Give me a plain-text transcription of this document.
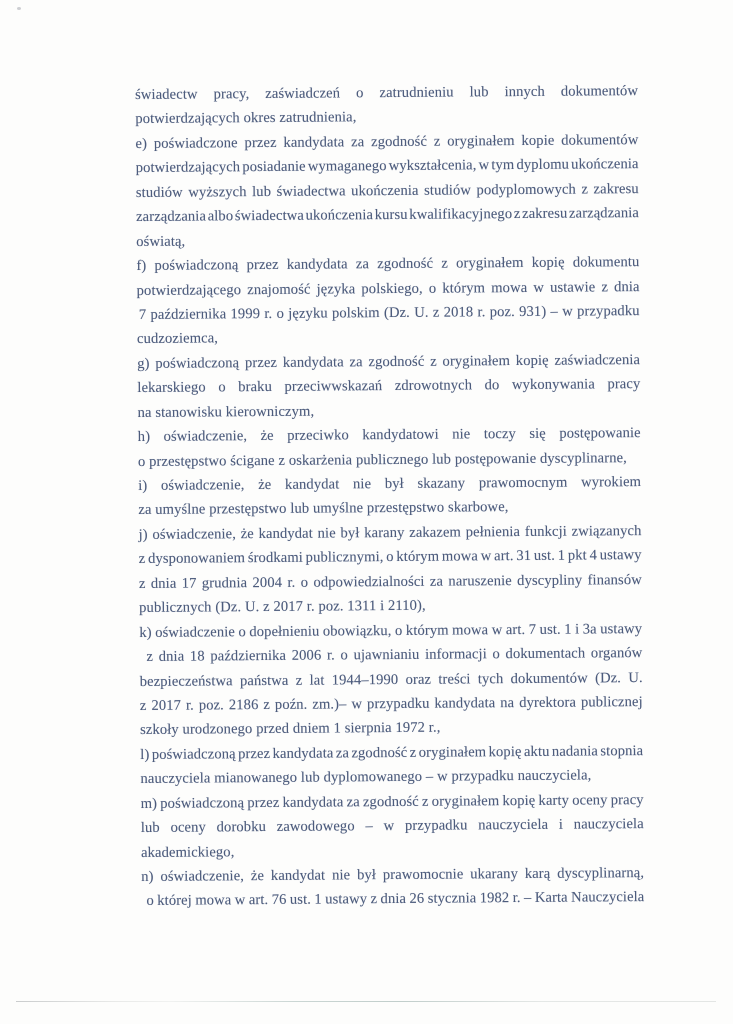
świadectw pracy, zaświadczeń o zatrudnieniu lub innych dokumentów
potwierdzających okres zatrudnienia,
e) poświadczone przez kandydata za zgodność z oryginałem kopie dokumentów
potwierdzających posiadanie wymaganego wykształcenia, w tym dyplomu ukończenia
studiów wyższych lub świadectwa ukończenia studiów podyplomowych z zakresu
zarządzania albo świadectwa ukończenia kursu kwalifikacyjnego z zakresu zarządzania
oświatą,
f) poświadczoną przez kandydata za zgodność z oryginałem kopię dokumentu
potwierdzającego znajomość języka polskiego, o którym mowa w ustawie z dnia
7 października 1999 r. o języku polskim (Dz. U. z 2018 r. poz. 931) – w przypadku
cudzoziemca,
g) poświadczoną przez kandydata za zgodność z oryginałem kopię zaświadczenia
lekarskiego o braku przeciwwskazań zdrowotnych do wykonywania pracy
na stanowisku kierowniczym,
h) oświadczenie, że przeciwko kandydatowi nie toczy się postępowanie
o przestępstwo ścigane z oskarżenia publicznego lub postępowanie dyscyplinarne,
i) oświadczenie, że kandydat nie był skazany prawomocnym wyrokiem
za umyślne przestępstwo lub umyślne przestępstwo skarbowe,
j) oświadczenie, że kandydat nie był karany zakazem pełnienia funkcji związanych
z dysponowaniem środkami publicznymi, o którym mowa w art. 31 ust. 1 pkt 4 ustawy
z dnia 17 grudnia 2004 r. o odpowiedzialności za naruszenie dyscypliny finansów
publicznych (Dz. U. z 2017 r. poz. 1311 i 2110),
k) oświadczenie o dopełnieniu obowiązku, o którym mowa w art. 7 ust. 1 i 3a ustawy
z dnia 18 października 2006 r. o ujawnianiu informacji o dokumentach organów
bezpieczeństwa państwa z lat 1944–1990 oraz treści tych dokumentów (Dz. U.
z 2017 r. poz. 2186 z poźn. zm.)– w przypadku kandydata na dyrektora publicznej
szkoły urodzonego przed dniem 1 sierpnia 1972 r.,
l) poświadczoną przez kandydata za zgodność z oryginałem kopię aktu nadania stopnia
nauczyciela mianowanego lub dyplomowanego – w przypadku nauczyciela,
m) poświadczoną przez kandydata za zgodność z oryginałem kopię karty oceny pracy
lub oceny dorobku zawodowego – w przypadku nauczyciela i nauczyciela
akademickiego,
n) oświadczenie, że kandydat nie był prawomocnie ukarany karą dyscyplinarną,
o której mowa w art. 76 ust. 1 ustawy z dnia 26 stycznia 1982 r. – Karta Nauczyciela
